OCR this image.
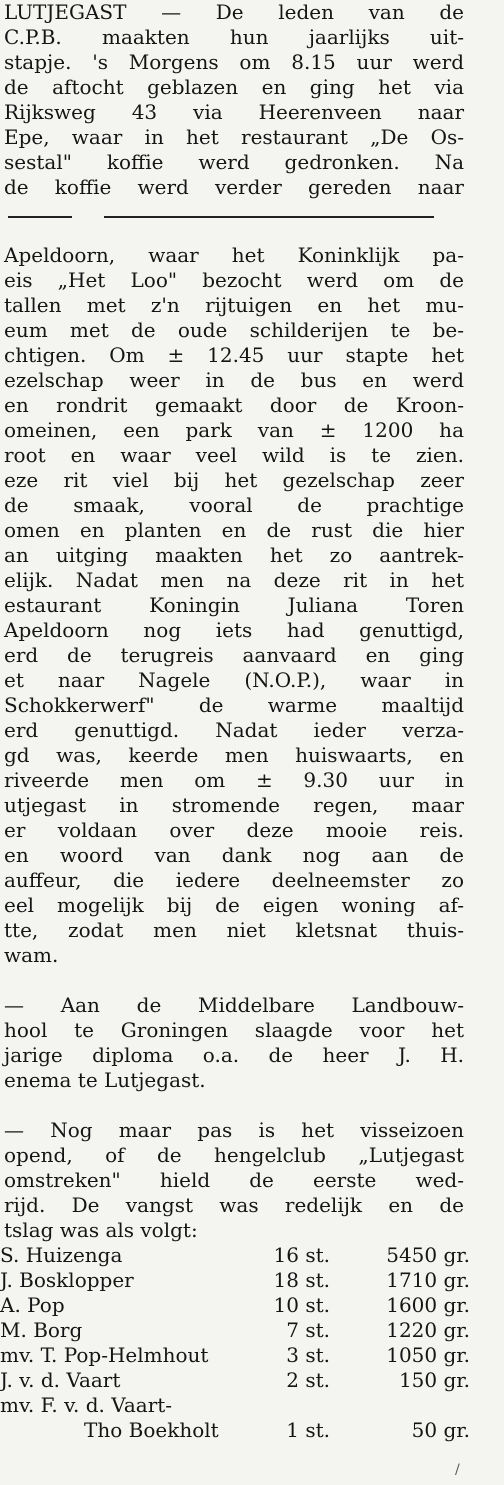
LUTJEGAST — De leden van de
C.P.B. maakten hun jaarlijks uit-
stapje. 's Morgens om 8.15 uur werd
de aftocht geblazen en ging het via
Rijksweg 43 via Heerenveen naar
Epe, waar in het restaurant „De Os-
sestal" koffie werd gedronken. Na
de koffie werd verder gereden naar
Apeldoorn, waar het Koninklijk pa-
eis „Het Loo" bezocht werd om de
tallen met z'n rijtuigen en het mu-
eum met de oude schilderijen te be-
chtigen. Om ± 12.45 uur stapte het
ezelschap weer in de bus en werd
en rondrit gemaakt door de Kroon-
omeinen, een park van ± 1200 ha
root en waar veel wild is te zien.
eze rit viel bij het gezelschap zeer
de smaak, vooral de prachtige
omen en planten en de rust die hier
an uitging maakten het zo aantrek-
elijk. Nadat men na deze rit in het
estaurant Koningin Juliana Toren
Apeldoorn nog iets had genuttigd,
erd de terugreis aanvaard en ging
et naar Nagele (N.O.P.), waar in
Schokkerwerf" de warme maaltijd
erd genuttigd. Nadat ieder verza-
gd was, keerde men huiswaarts, en
riveerde men om ± 9.30 uur in
utjegast in stromende regen, maar
er voldaan over deze mooie reis.
en woord van dank nog aan de
auffeur, die iedere deelneemster zo
eel mogelijk bij de eigen woning af-
tte, zodat men niet kletsnat thuis-
wam.
— Aan de Middelbare Landbouw-
hool te Groningen slaagde voor het
jarige diploma o.a. de heer J. H.
enema te Lutjegast.
— Nog maar pas is het visseizoen
opend, of de hengelclub „Lutjegast
omstreken" hield de eerste wed-
rijd. De vangst was redelijk en de
tslag was als volgt:
S. Huizenga	16 st.	5450 gr.
J. Bosklopper	18 st.	1710 gr.
A. Pop	10 st.	1600 gr.
M. Borg	7 st.	1220 gr.
mv. T. Pop-Helmhout	3 st.	1050 gr.
J. v. d. Vaart	2 st.	150 gr.
mv. F. v. d. Vaart-
Tho Boekholt	1 st.	50 gr.
/
